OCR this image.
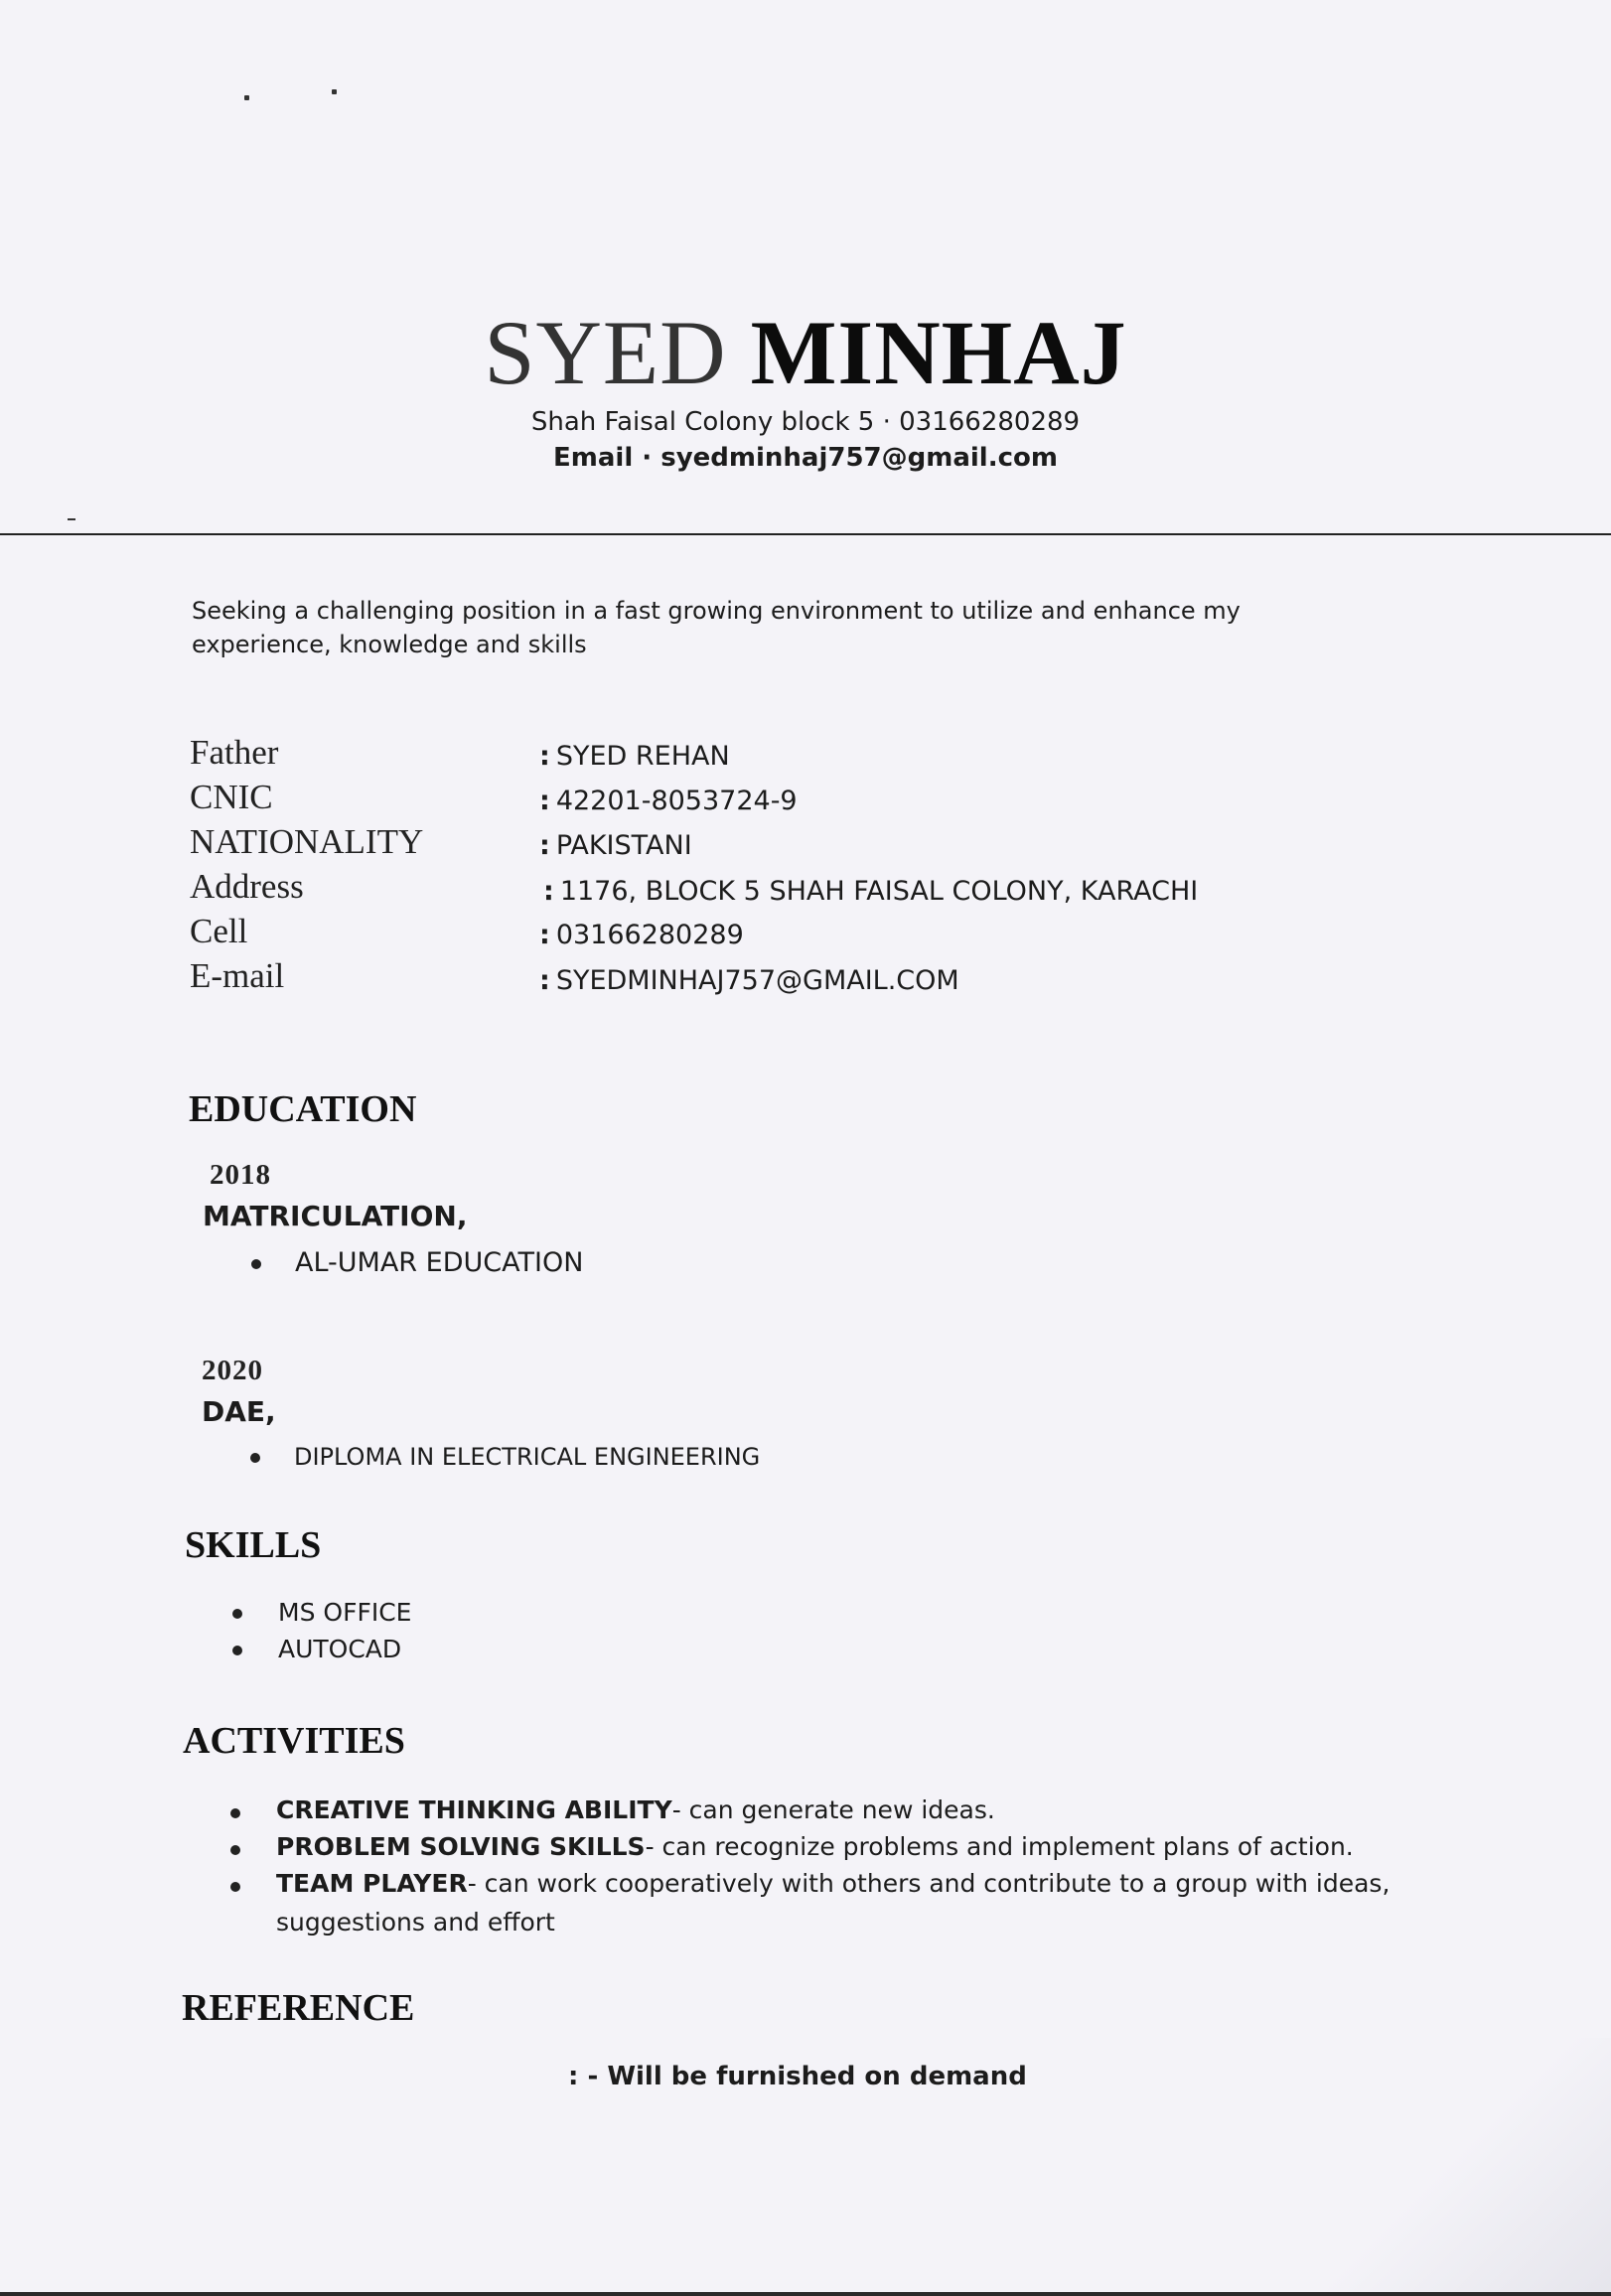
SYED MINHAJ
Shah Faisal Colony block 5 · 03166280289
Email · syedminhaj757@gmail.com
Seeking a challenging position in a fast growing environment to utilize and enhance my experience, knowledge and skills
Father	: SYED REHAN
CNIC	: 42201-8053724-9
NATIONALITY	: PAKISTANI
Address	: 1176, BLOCK 5 SHAH FAISAL COLONY, KARACHI
Cell	: 03166280289
E-mail	: SYEDMINHAJ757@GMAIL.COM
EDUCATION
2018
MATRICULATION,
AL-UMAR EDUCATION
2020
DAE,
DIPLOMA IN ELECTRICAL ENGINEERING
SKILLS
MS OFFICE
AUTOCAD
ACTIVITIES
CREATIVE THINKING ABILITY- can generate new ideas.
PROBLEM SOLVING SKILLS- can recognize problems and implement plans of action.
TEAM PLAYER- can work cooperatively with others and contribute to a group with ideas,
suggestions and effort
REFERENCE
: - Will be furnished on demand
